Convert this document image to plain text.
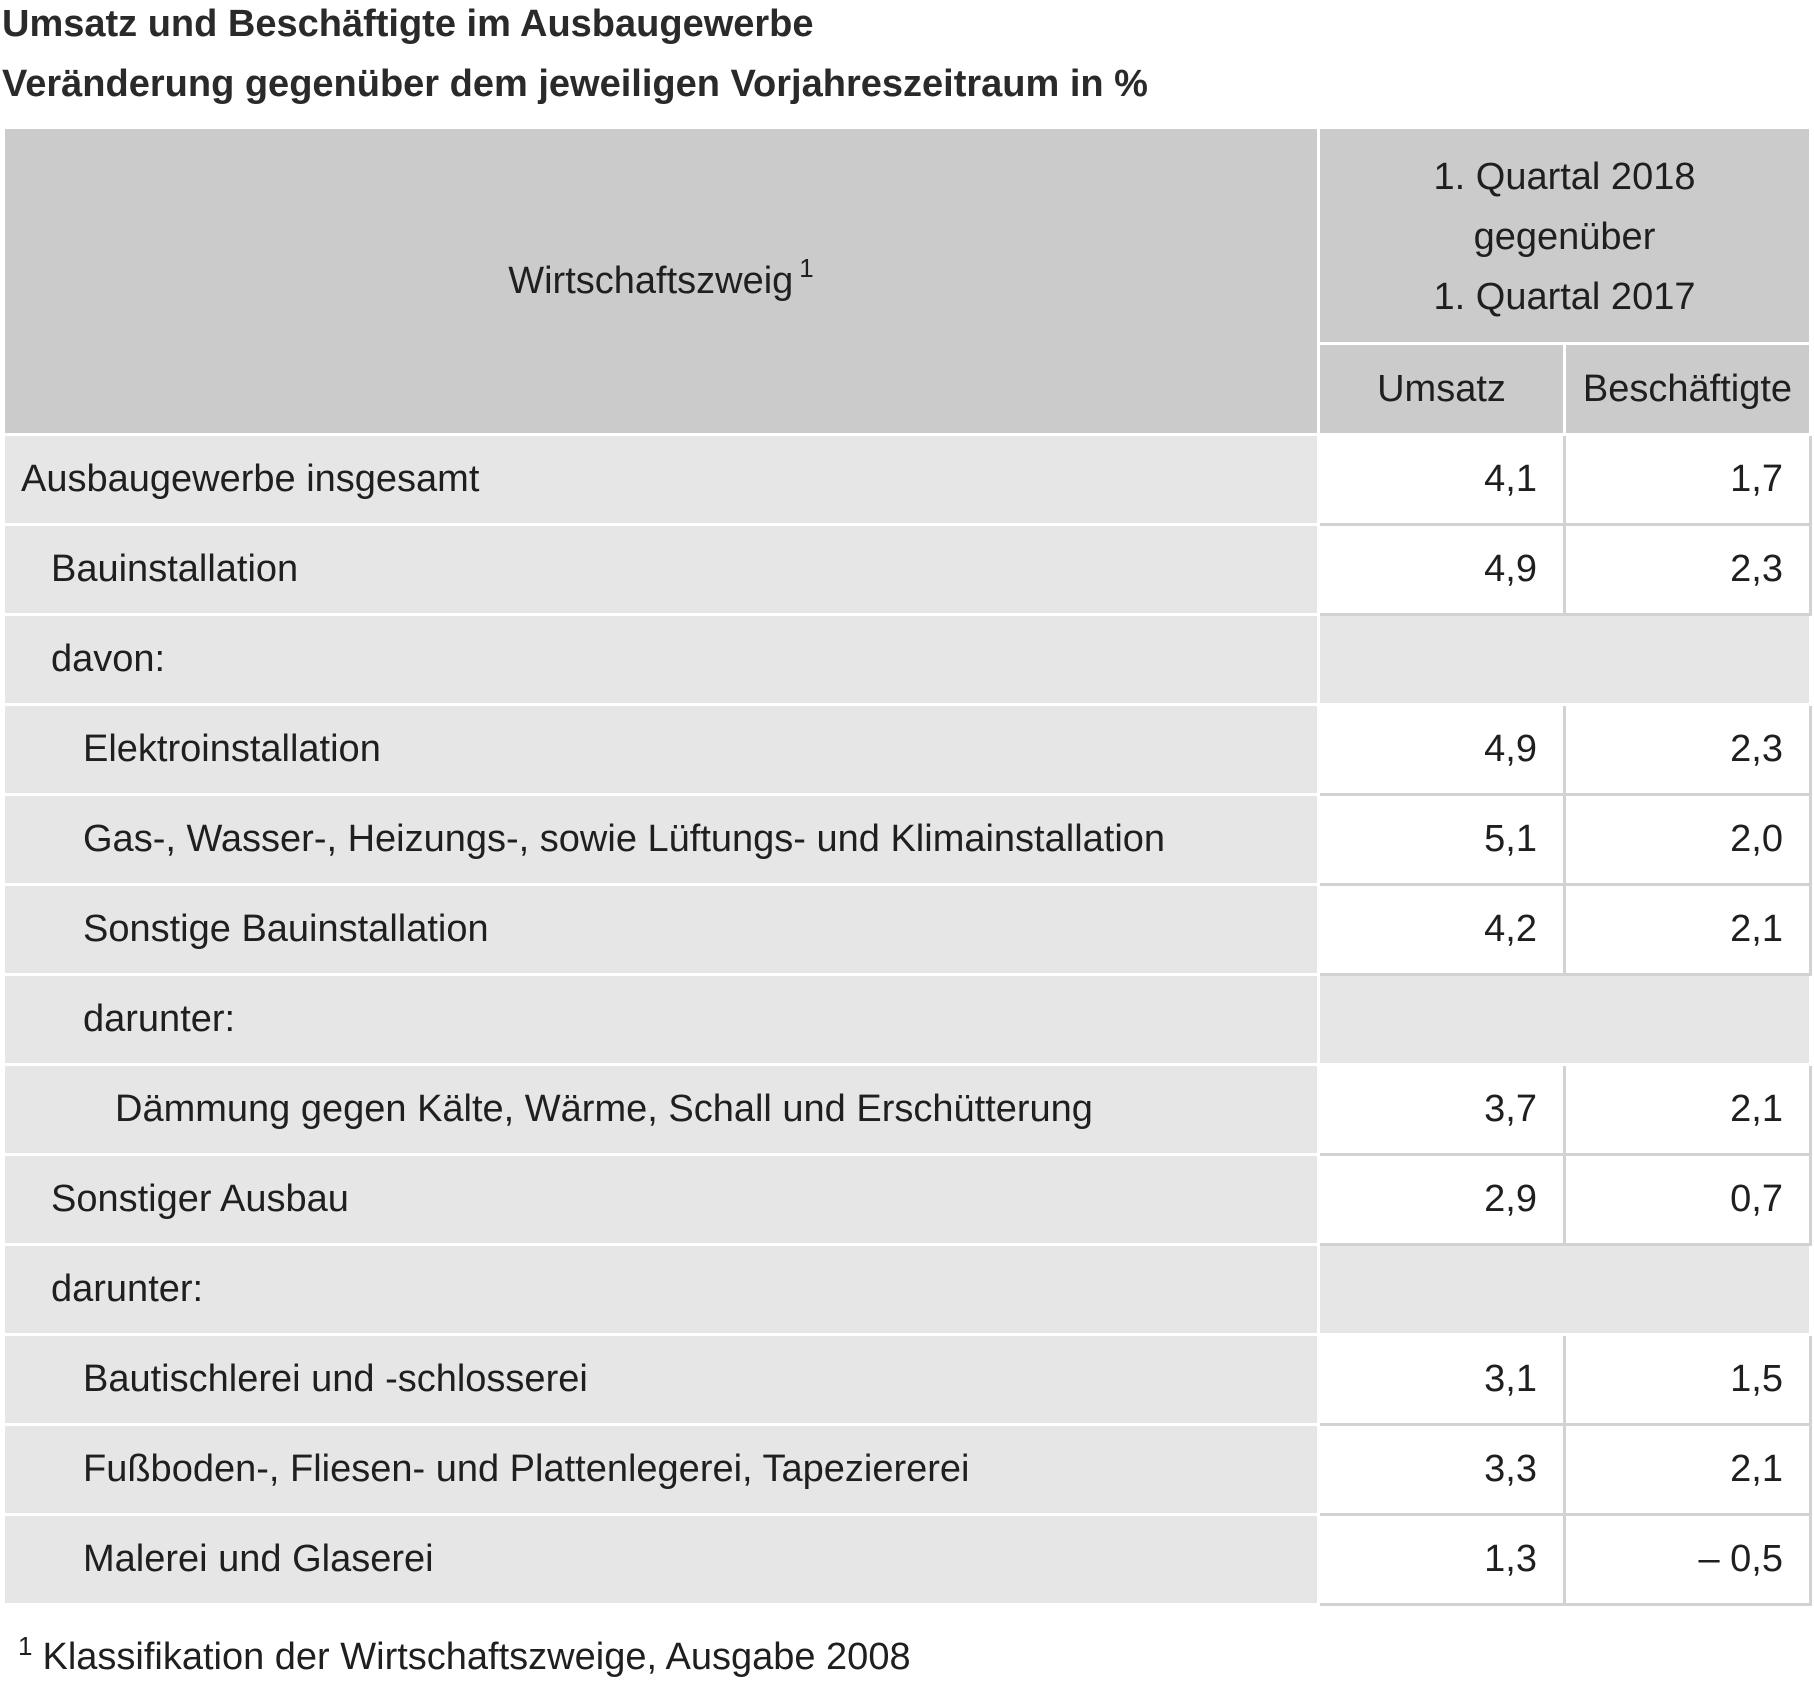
Umsatz und Beschäftigte im Ausbaugewerbe
Veränderung gegenüber dem jeweiligen Vorjahreszeitraum in %
Wirtschaftszweig $^1$	1. Quartal 2018
gegenüber
1. Quartal 2017	

	Umsatz	Beschäftigte
Ausbaugewerbe insgesamt	4,1	1,7
Bauinstallation	4,9	2,3
davon:		
Elektroinstallation	4,9	2,3
Gas-, Wasser-, Heizungs-, sowie Lüftungs- und Klimainstallation	5,1	2,0
Sonstige Bauinstallation	4,2	2,1
darunter:		
Dämmung gegen Kälte, Wärme, Schall und Erschütterung	3,7	2,1
Sonstiger Ausbau	2,9	0,7
darunter:		
Bautischlerei und -schlosserei	3,1	1,5
Fußboden-, Fliesen- und Plattenlegerei, Tapeziererei	3,3	2,1
Malerei und Glaserei	1,3	– 0,5
$^1$ Klassifikation der Wirtschaftszweige, Ausgabe 2008
